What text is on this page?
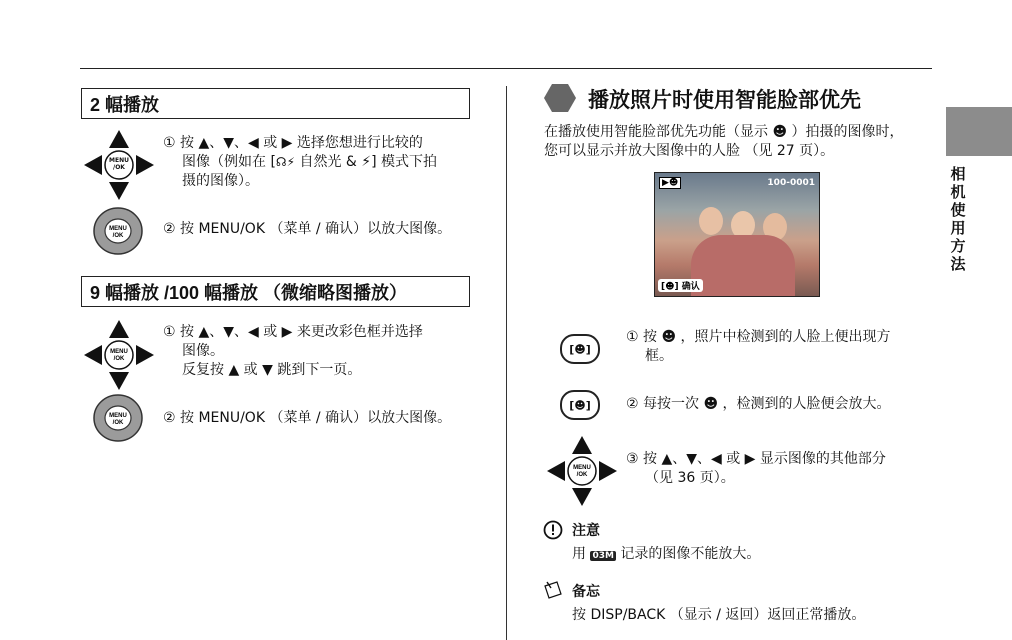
2 幅播放
MENU
/OK
① 按 ▲、▼、◀ 或 ▶ 选择您想进行比较的
图像（例如在 [☊⚡ 自然光 & ⚡] 模式下拍
摄的图像）。
MENU
/OK	② 按 MENU/OK （菜单 / 确认）以放大图像。
9 幅播放 /100 幅播放 （微缩略图播放）
MENU
/OK
① 按 ▲、▼、◀ 或 ▶ 来更改彩色框并选择
图像。
反复按 ▲ 或 ▼ 跳到下一页。
MENU
/OK	② 按 MENU/OK （菜单 / 确认）以放大图像。
播放照片时使用智能脸部优先
在播放使用智能脸部优先功能（显示 ☻ ）拍摄的图像时，
您可以显示并放大图像中的人脸 （见 27 页）。
▶☻	100-0001
[☻] 确认
[☻]
① 按 ☻ ，照片中检测到的人脸上便出现方
框。
[☻]	② 每按一次 ☻ ，检测到的人脸便会放大。
MENU
/OK
③ 按 ▲、▼、◀ 或 ▶ 显示图像的其他部分
（见 36 页）。
注意
用 03M 记录的图像不能放大。
备忘
按 DISP/BACK （显示 / 返回）返回正常播放。
相
机
使
用
方
法
